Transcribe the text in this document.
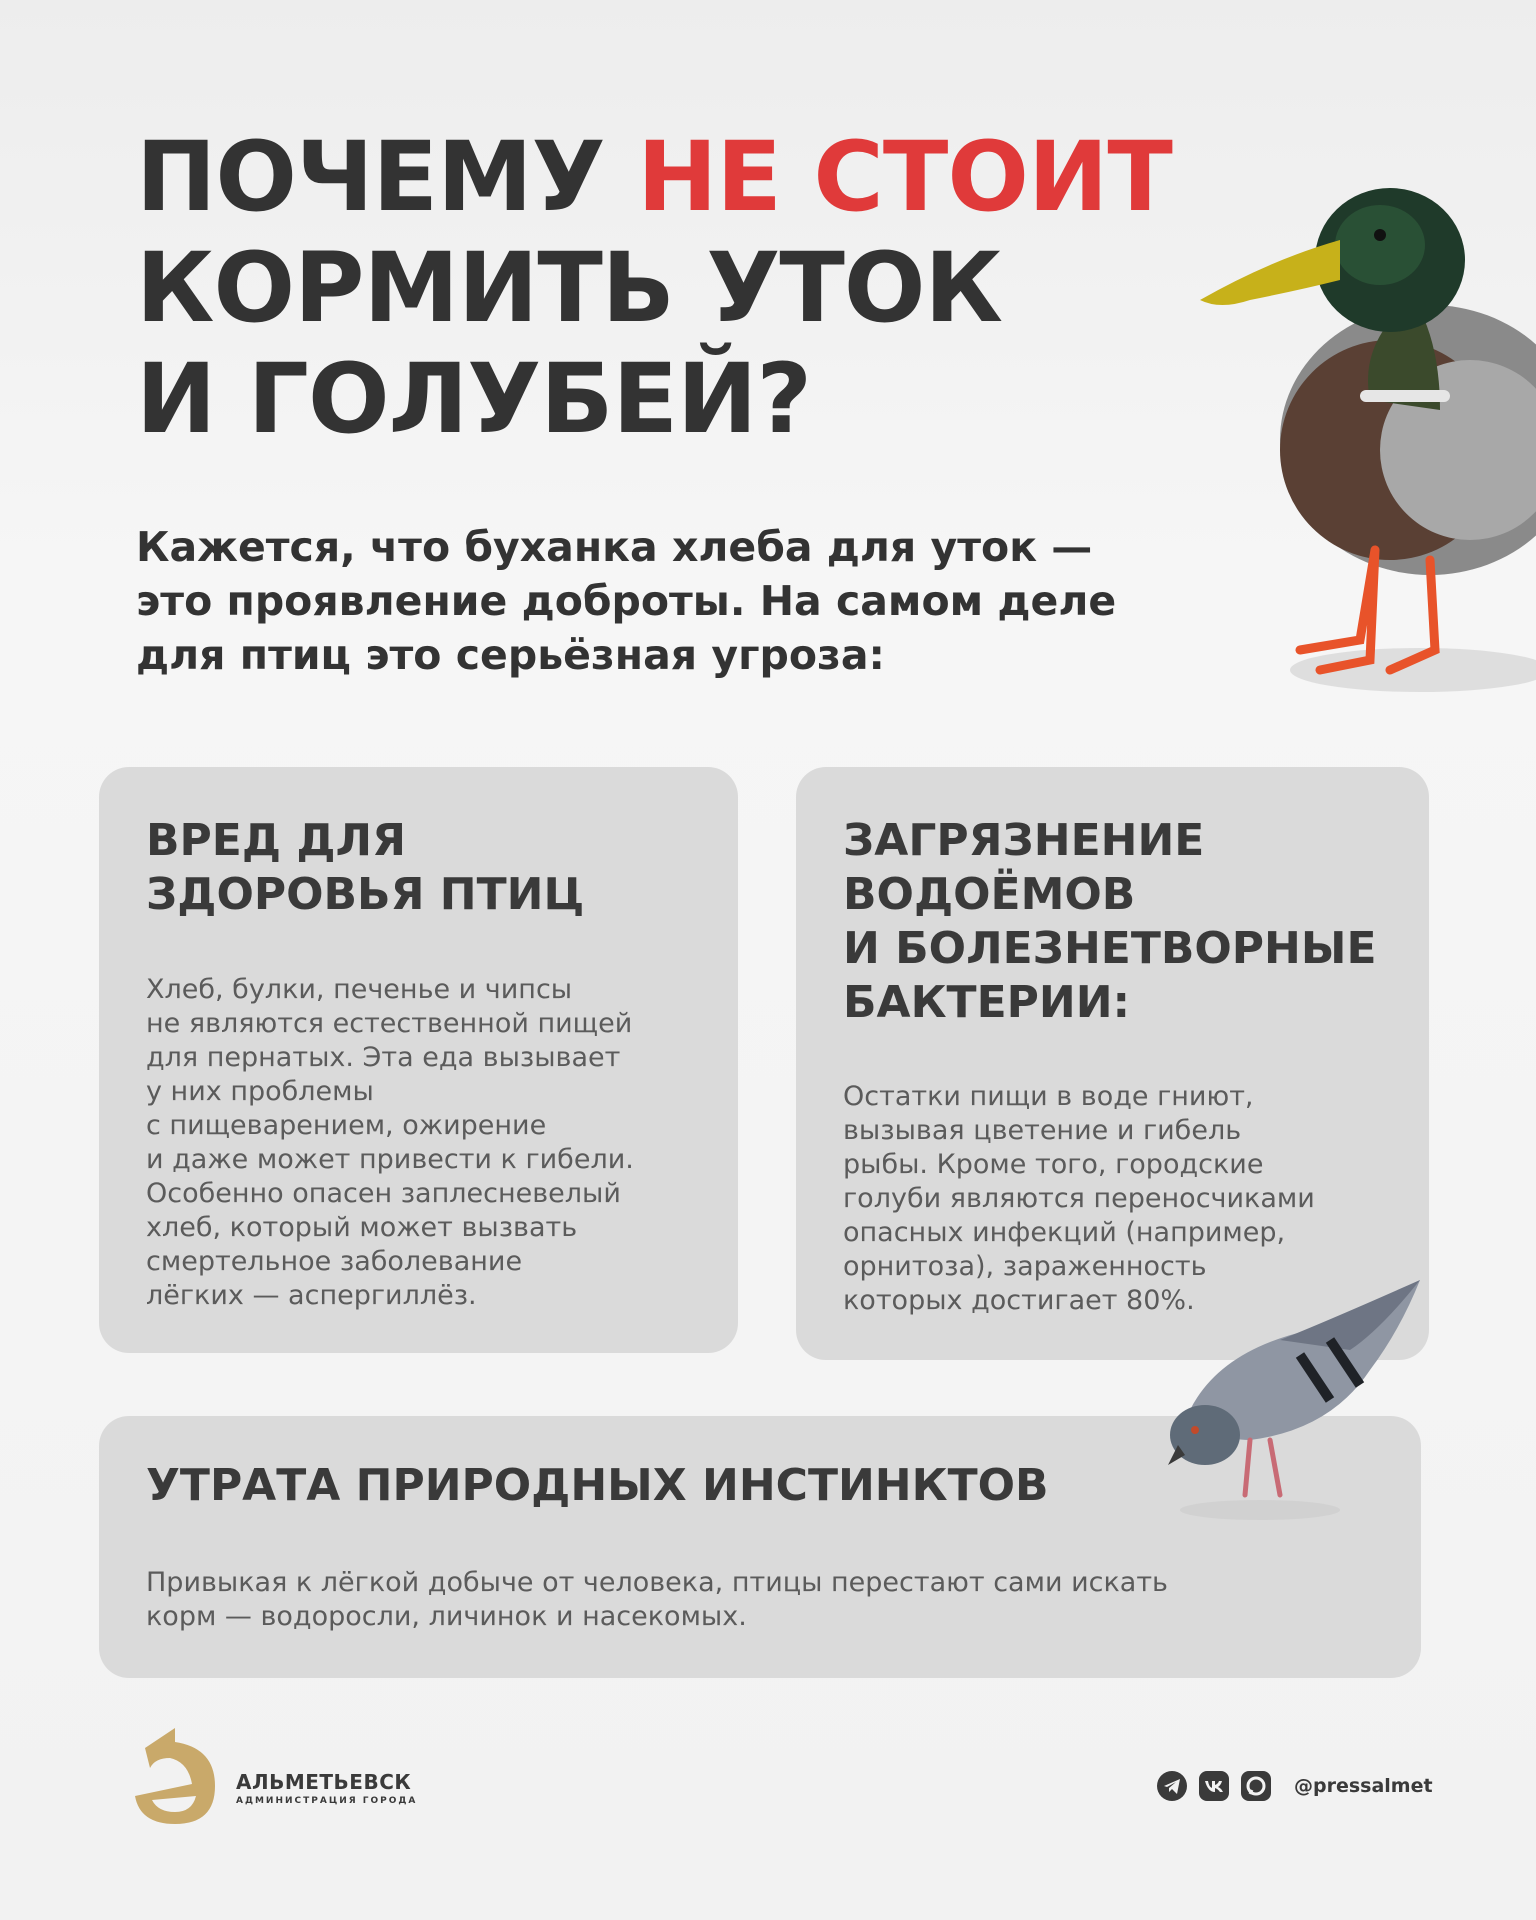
ПОЧЕМУ НЕ СТОИТ
КОРМИТЬ УТОК
И ГОЛУБЕЙ?

Кажется, что буханка хлеба для уток —
это проявление доброты. На самом деле
для птиц это серьёзная угроза:

ВРЕД ДЛЯ
ЗДОРОВЬЯ ПТИЦ

Хлеб, булки, печенье и чипсы
не являются естественной пищей
для пернатых. Эта еда вызывает
у них проблемы
с пищеварением, ожирение
и даже может привести к гибели.
Особенно опасен заплесневелый
хлеб, который может вызвать
смертельное заболевание
лёгких — аспергиллёз.

ЗАГРЯЗНЕНИЕ
ВОДОЁМОВ
И БОЛЕЗНЕТВОРНЫЕ
БАКТЕРИИ:

Остатки пищи в воде гниют,
вызывая цветение и гибель
рыбы. Кроме того, городские
голуби являются переносчиками
опасных инфекций (например,
орнитоза), зараженность
которых достигает 80%.

УТРАТА ПРИРОДНЫХ ИНСТИНКТОВ

Привыкая к лёгкой добыче от человека, птицы перестают сами искать
корм — водоросли, личинок и насекомых.

АЛЬМЕТЬЕВСК
АДМИНИСТРАЦИЯ ГОРОДА
@pressalmet
